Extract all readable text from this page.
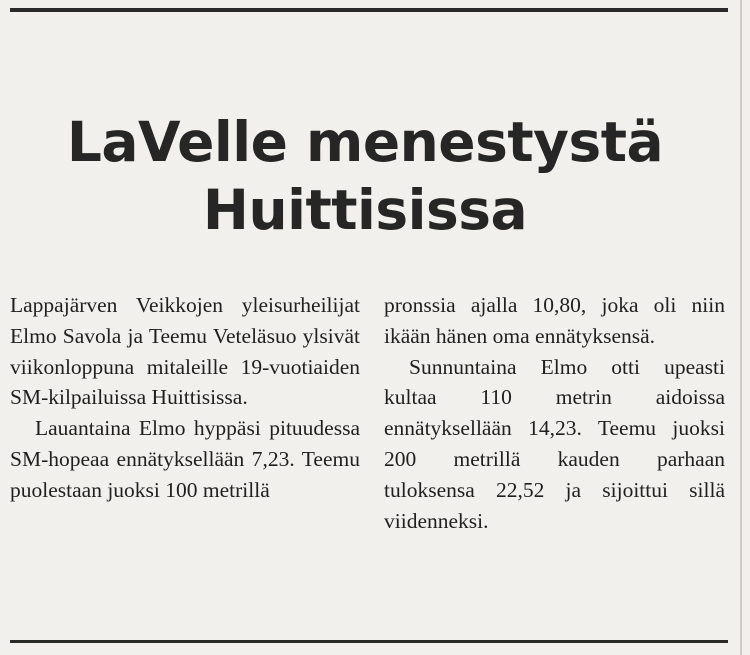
LaVelle menestystä
Huittisissa

Lappajärven Veikkojen yleisurheilijat Elmo Savola ja Teemu Veteläsuo ylsivät viikonloppuna mitaleille 19-vuotiaiden SM-kilpailuissa Huittisissa.

Lauantaina Elmo hyppäsi pituudessa SM-hopeaa ennätyksellään 7,23. Teemu puolestaan juoksi 100 metrillä

pronssia ajalla 10,80, joka oli niin ikään hänen oma ennätyksensä.

Sunnuntaina Elmo otti upeasti kultaa 110 metrin aidoissa ennätyksellään 14,23. Teemu juoksi 200 metrillä kauden parhaan tuloksensa 22,52 ja sijoittui sillä viidenneksi.
